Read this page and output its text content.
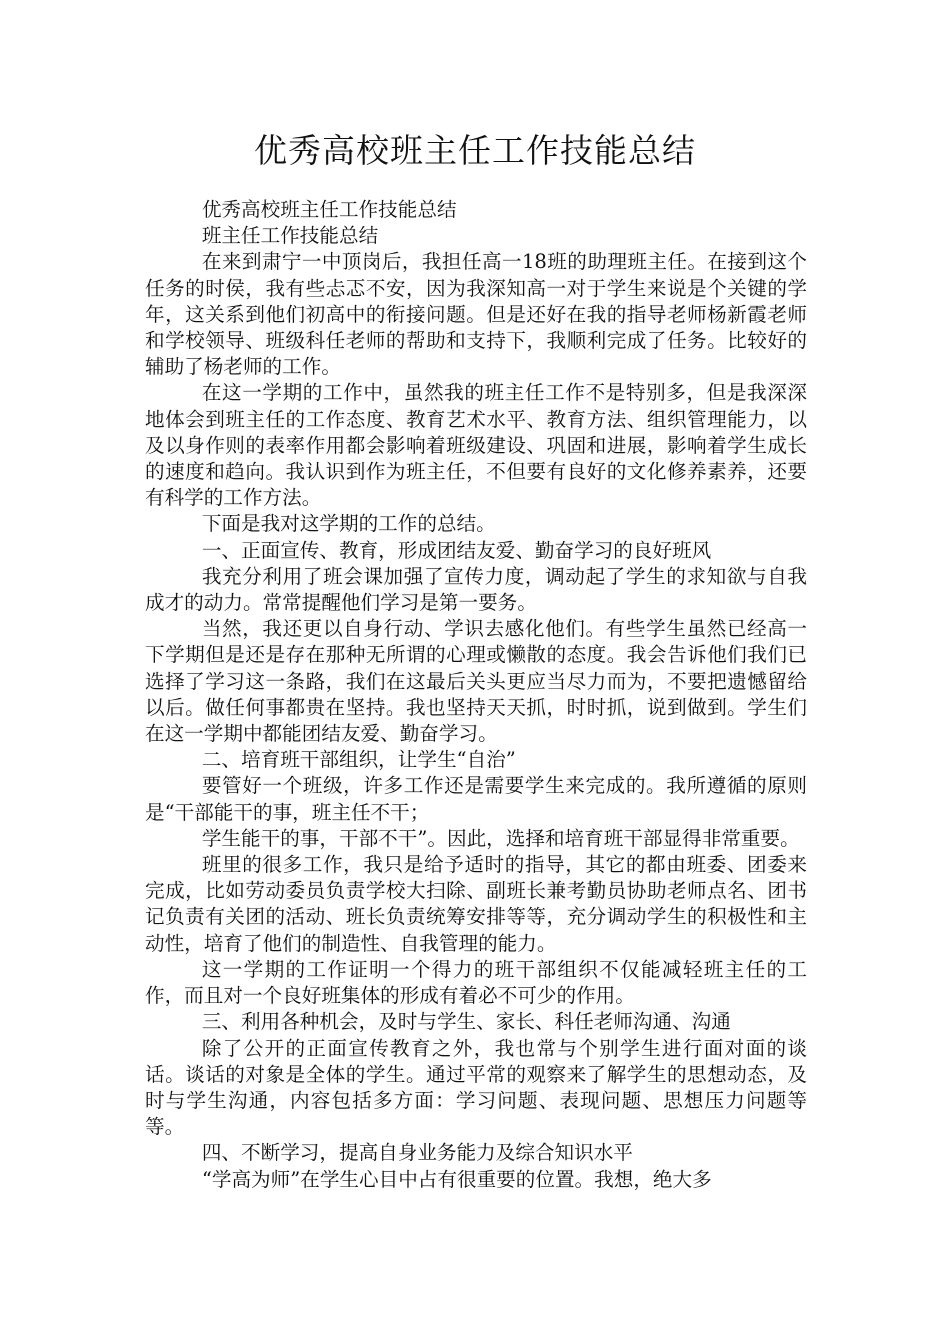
优秀高校班主任工作技能总结

优秀高校班主任工作技能总结

班主任工作技能总结

在来到肃宁一中顶岗后，我担任高一18班的助理班主任。在接到这个任务的时侯，我有些忐忑不安，因为我深知高一对于学生来说是个关键的学年，这关系到他们初高中的衔接问题。但是还好在我的指导老师杨新霞老师和学校领导、班级科任老师的帮助和支持下，我顺利完成了任务。比较好的辅助了杨老师的工作。

在这一学期的工作中，虽然我的班主任工作不是特别多，但是我深深地体会到班主任的工作态度、教育艺术水平、教育方法、组织管理能力，以及以身作则的表率作用都会影响着班级建设、巩固和进展，影响着学生成长的速度和趋向。我认识到作为班主任，不但要有良好的文化修养素养，还要有科学的工作方法。

下面是我对这学期的工作的总结。

一、正面宣传、教育，形成团结友爱、勤奋学习的良好班风

我充分利用了班会课加强了宣传力度，调动起了学生的求知欲与自我成才的动力。常常提醒他们学习是第一要务。

当然，我还更以自身行动、学识去感化他们。有些学生虽然已经高一下学期但是还是存在那种无所谓的心理或懒散的态度。我会告诉他们我们已选择了学习这一条路，我们在这最后关头更应当尽力而为，不要把遗憾留给以后。做任何事都贵在坚持。我也坚持天天抓，时时抓，说到做到。学生们在这一学期中都能团结友爱、勤奋学习。

二、培育班干部组织，让学生“自治”

要管好一个班级，许多工作还是需要学生来完成的。我所遵循的原则是“干部能干的事，班主任不干；

学生能干的事，干部不干”。因此，选择和培育班干部显得非常重要。

班里的很多工作，我只是给予适时的指导，其它的都由班委、团委来完成，比如劳动委员负责学校大扫除、副班长兼考勤员协助老师点名、团书记负责有关团的活动、班长负责统筹安排等等，充分调动学生的积极性和主动性，培育了他们的制造性、自我管理的能力。

这一学期的工作证明一个得力的班干部组织不仅能减轻班主任的工作，而且对一个良好班集体的形成有着必不可少的作用。

三、利用各种机会，及时与学生、家长、科任老师沟通、沟通

除了公开的正面宣传教育之外，我也常与个别学生进行面对面的谈话。谈话的对象是全体的学生。通过平常的观察来了解学生的思想动态，及时与学生沟通，内容包括多方面：学习问题、表现问题、思想压力问题等等。

四、不断学习，提高自身业务能力及综合知识水平

“学高为师”在学生心目中占有很重要的位置。我想，绝大多
